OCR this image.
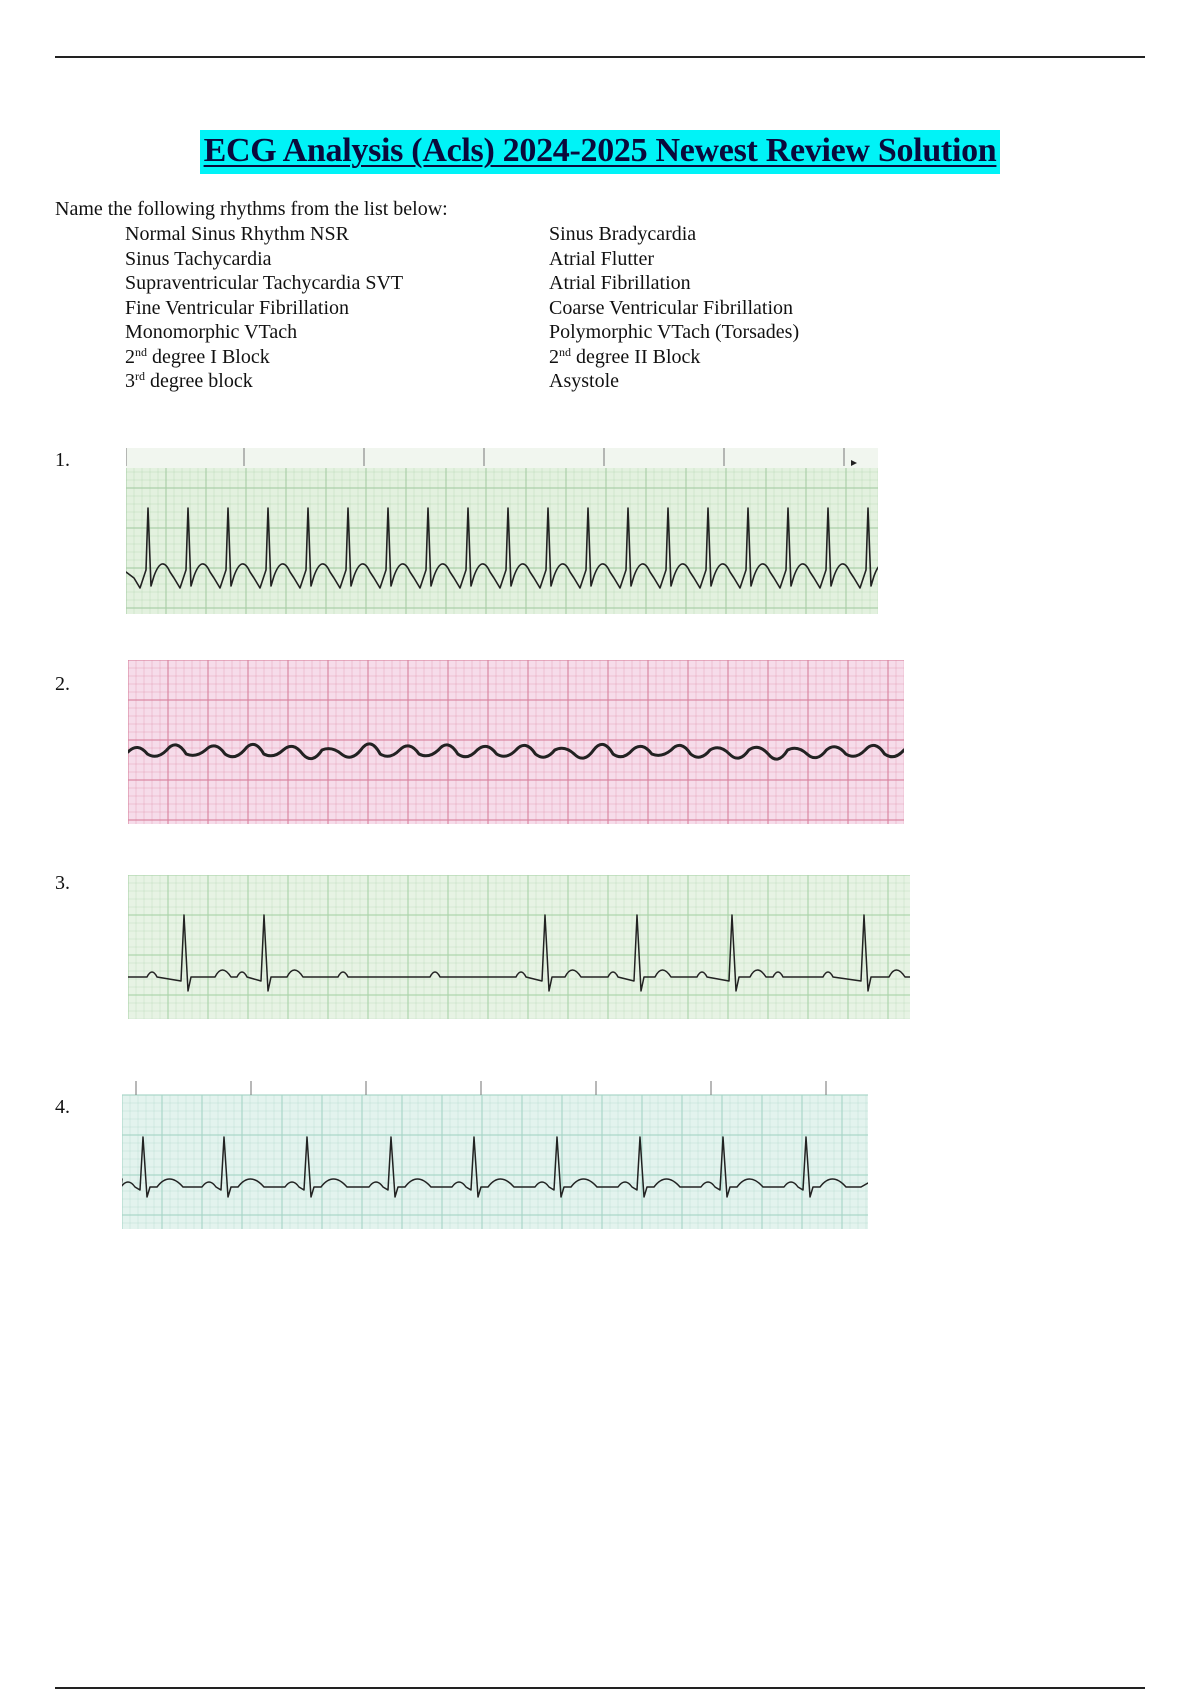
ECG Analysis (Acls) 2024-2025 Newest Review Solution
Name the following rhythms from the list below:
Normal Sinus Rhythm NSR
Sinus Tachycardia
Supraventricular Tachycardia SVT
Fine Ventricular Fibrillation
Monomorphic VTach
2nd degree I Block
3rd degree block
Sinus Bradycardia
Atrial Flutter
Atrial Fibrillation
Coarse Ventricular Fibrillation
Polymorphic VTach (Torsades)
2nd degree II Block
Asystole
1.
2.
3.
4.
